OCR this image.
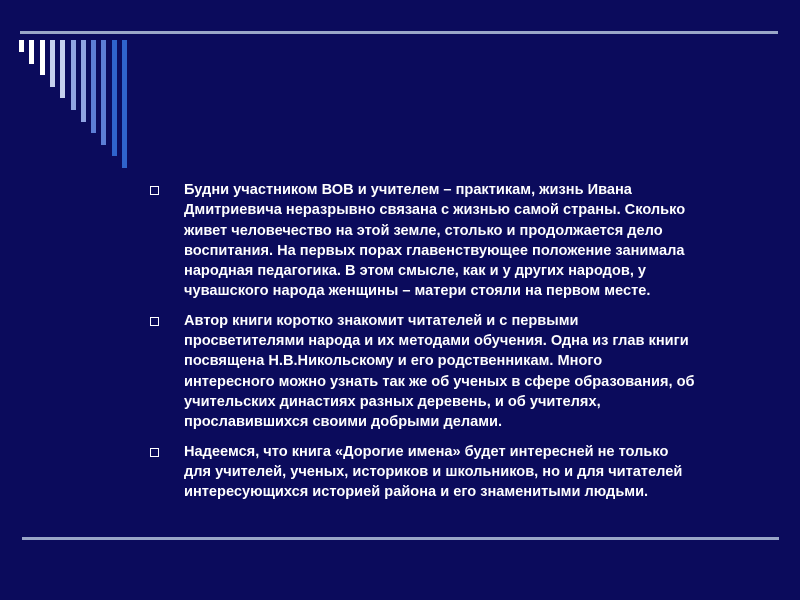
Будни участником ВОВ и учителем – практикам, жизнь Ивана
Дмитриевича неразрывно связана с жизнью самой страны. Сколько
живет человечество на этой земле, столько и продолжается дело
воспитания. На первых порах главенствующее положение занимала
народная педагогика. В этом смысле, как и у других народов, у
чувашского народа женщины – матери стояли на первом месте.
Автор книги коротко знакомит читателей и с первыми
просветителями народа и их методами обучения. Одна из глав книги
посвящена Н.В.Никольскому и его родственникам. Много
интересного можно узнать так же об ученых в сфере образования, об
учительских династиях разных деревень, и об учителях,
прославившихся своими добрыми делами.
Надеемся, что книга «Дорогие имена» будет интересней не только
для учителей, ученых, историков и школьников, но и для читателей
интересующихся историей района и его знаменитыми людьми.
